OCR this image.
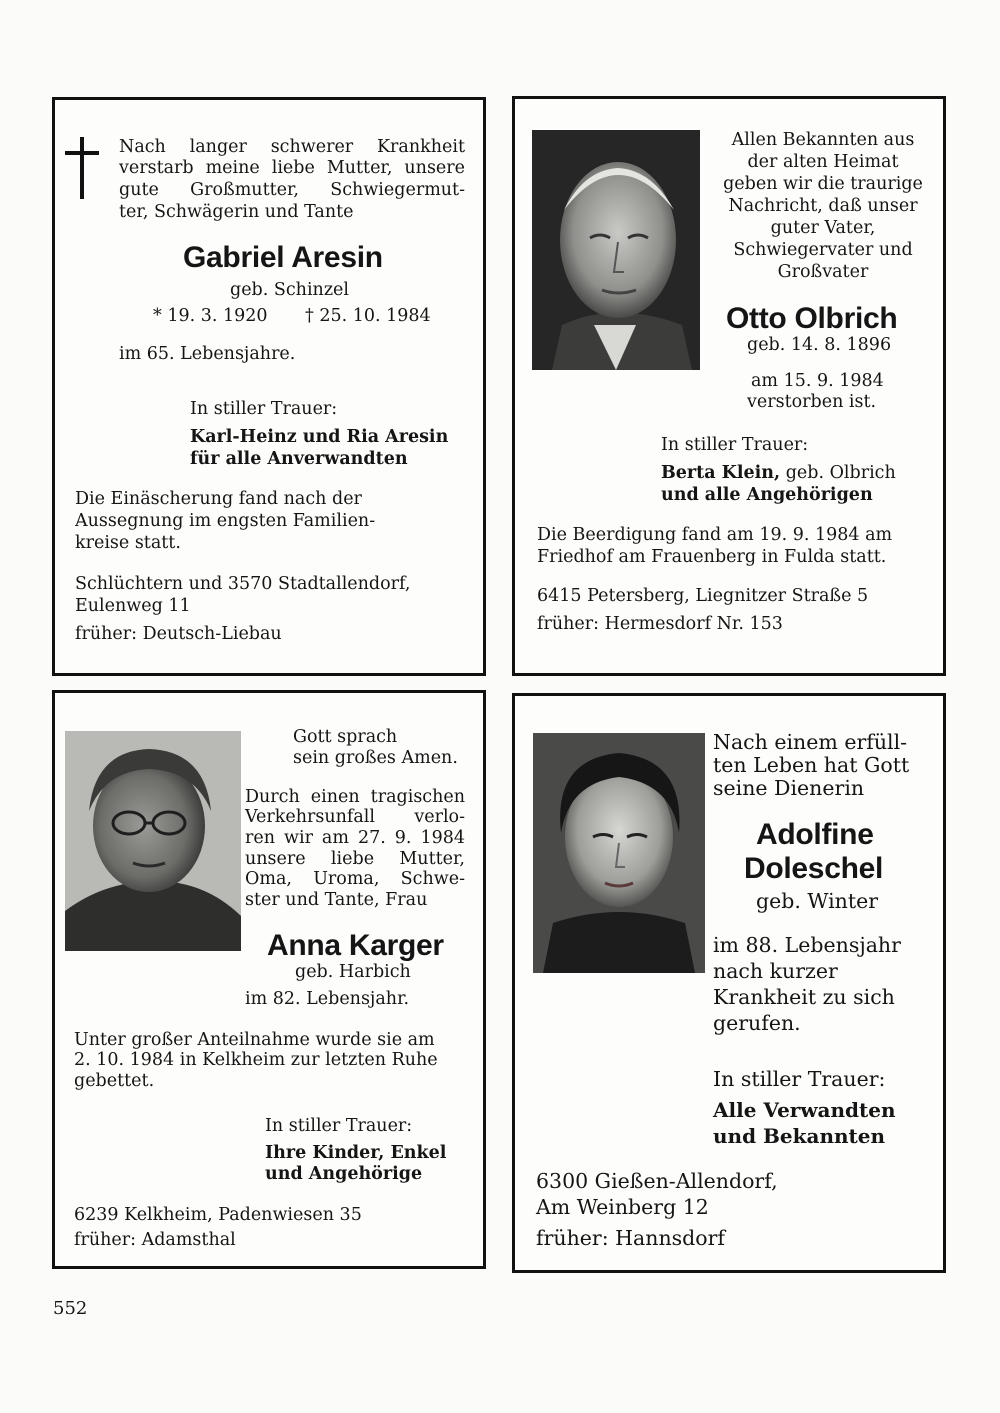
Nach langer schwerer Krankheit
verstarb meine liebe Mutter, unsere
gute Großmutter, Schwiegermut-
ter, Schwägerin und Tante
Gabriel Aresin
geb. Schinzel
* 19. 3. 1920 † 25. 10. 1984
im 65. Lebensjahre.
In stiller Trauer:
Karl-Heinz und Ria Aresin
für alle Anverwandten
Die Einäscherung fand nach der
Aussegnung im engsten Familien-
kreise statt.
Schlüchtern und 3570 Stadtallendorf,
Eulenweg 11
früher: Deutsch-Liebau
Allen Bekannten aus
der alten Heimat
geben wir die traurige
Nachricht, daß unser
guter Vater,
Schwiegervater und
Großvater
Otto Olbrich
geb. 14. 8. 1896
am 15. 9. 1984
verstorben ist.
In stiller Trauer:
Berta Klein, geb. Olbrich
und alle Angehörigen
Die Beerdigung fand am 19. 9. 1984 am
Friedhof am Frauenberg in Fulda statt.
6415 Petersberg, Liegnitzer Straße 5
früher: Hermesdorf Nr. 153
Gott sprach
sein großes Amen.
Durch einen tragischen
Verkehrsunfall verlo-
ren wir am 27. 9. 1984
unsere liebe Mutter,
Oma, Uroma, Schwe-
ster und Tante, Frau
Anna Karger
geb. Harbich
im 82. Lebensjahr.
Unter großer Anteilnahme wurde sie am
2. 10. 1984 in Kelkheim zur letzten Ruhe
gebettet.
In stiller Trauer:
Ihre Kinder, Enkel
und Angehörige
6239 Kelkheim, Padenwiesen 35
früher: Adamsthal
Nach einem erfüll-
ten Leben hat Gott
seine Dienerin
Adolfine
Doleschel
geb. Winter
im 88. Lebensjahr
nach kurzer
Krankheit zu sich
gerufen.
In stiller Trauer:
Alle Verwandten
und Bekannten
6300 Gießen-Allendorf,
Am Weinberg 12
früher: Hannsdorf
552
